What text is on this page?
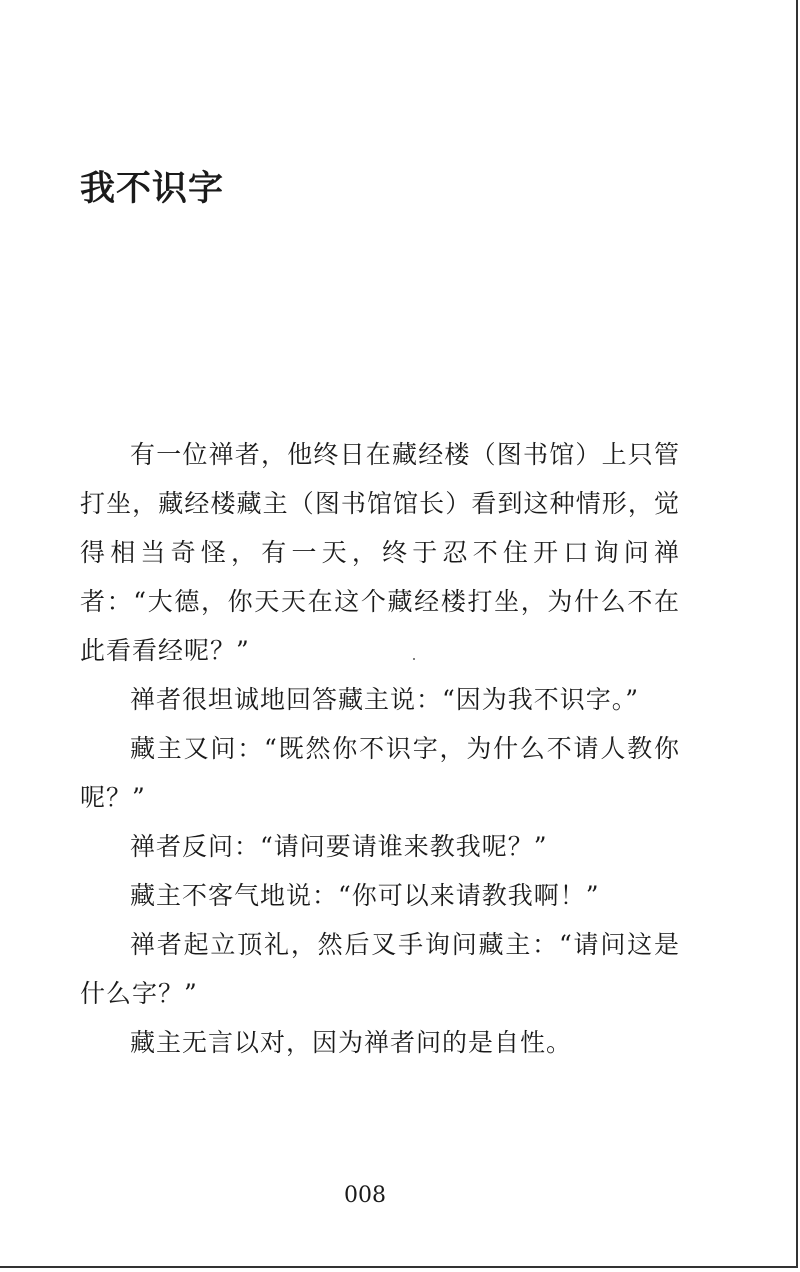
我不识字

有一位禅者，他终日在藏经楼（图书馆）上只管打坐，藏经楼藏主（图书馆馆长）看到这种情形，觉得相当奇怪，有一天，终于忍不住开口询问禅者：“大德，你天天在这个藏经楼打坐，为什么不在此看看经呢？”

禅者很坦诚地回答藏主说：“因为我不识字。”

藏主又问：“既然你不识字，为什么不请人教你呢？”

禅者反问：“请问要请谁来教我呢？”

藏主不客气地说：“你可以来请教我啊！”

禅者起立顶礼，然后叉手询问藏主：“请问这是什么字？”

藏主无言以对，因为禅者问的是自性。

008
